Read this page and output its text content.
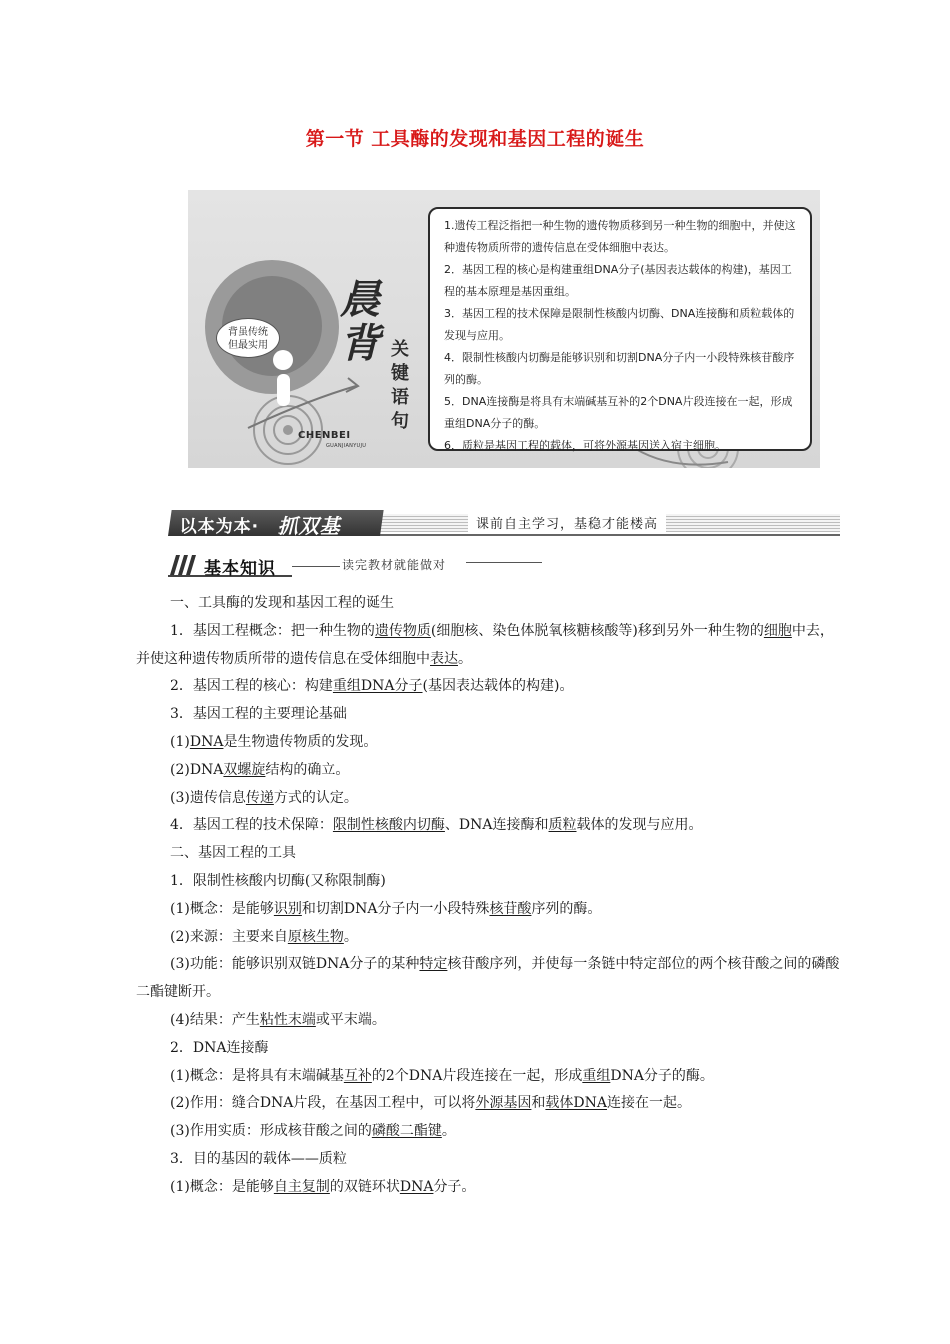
第一节 工具酶的发现和基因工程的诞生
背虽传统
但最实用
晨
背 关键语句
CHENBEI
GUANJIANYUJU

1.遗传工程泛指把一种生物的遗传物质移到另一种生物的细胞中，并使这种遗传物质所带的遗传信息在受体细胞中表达。

2．基因工程的核心是构建重组DNA分子(基因表达载体的构建)，基因工程的基本原理是基因重组。

3．基因工程的技术保障是限制性核酸内切酶、DNA连接酶和质粒载体的发现与应用。

4．限制性核酸内切酶是能够识别和切割DNA分子内一小段特殊核苷酸序列的酶。

5．DNA连接酶是将具有末端碱基互补的2个DNA片段连接在一起，形成重组DNA分子的酶。

6．质粒是基因工程的载体，可将外源基因送入宿主细胞。

以本为本· 抓双基	课前自主学习，基稳才能楼高
基本知识	读完教材就能做对

一、工具酶的发现和基因工程的诞生

1．基因工程概念：把一种生物的遗传物质(细胞核、染色体脱氧核糖核酸等)移到另外一种生物的细胞中去，并使这种遗传物质所带的遗传信息在受体细胞中表达。

2．基因工程的核心：构建重组DNA分子(基因表达载体的构建)。

3．基因工程的主要理论基础

(1)DNA是生物遗传物质的发现。

(2)DNA双螺旋结构的确立。

(3)遗传信息传递方式的认定。

4．基因工程的技术保障：限制性核酸内切酶、DNA连接酶和质粒载体的发现与应用。

二、基因工程的工具

1．限制性核酸内切酶(又称限制酶)

(1)概念：是能够识别和切割DNA分子内一小段特殊核苷酸序列的酶。

(2)来源：主要来自原核生物。

(3)功能：能够识别双链DNA分子的某种特定核苷酸序列，并使每一条链中特定部位的两个核苷酸之间的磷酸二酯键断开。

(4)结果：产生粘性末端或平末端。

2．DNA连接酶

(1)概念：是将具有末端碱基互补的2个DNA片段连接在一起，形成重组DNA分子的酶。

(2)作用：缝合DNA片段，在基因工程中，可以将外源基因和载体DNA连接在一起。

(3)作用实质：形成核苷酸之间的磷酸二酯键。

3．目的基因的载体——质粒

(1)概念：是能够自主复制的双链环状DNA分子。
